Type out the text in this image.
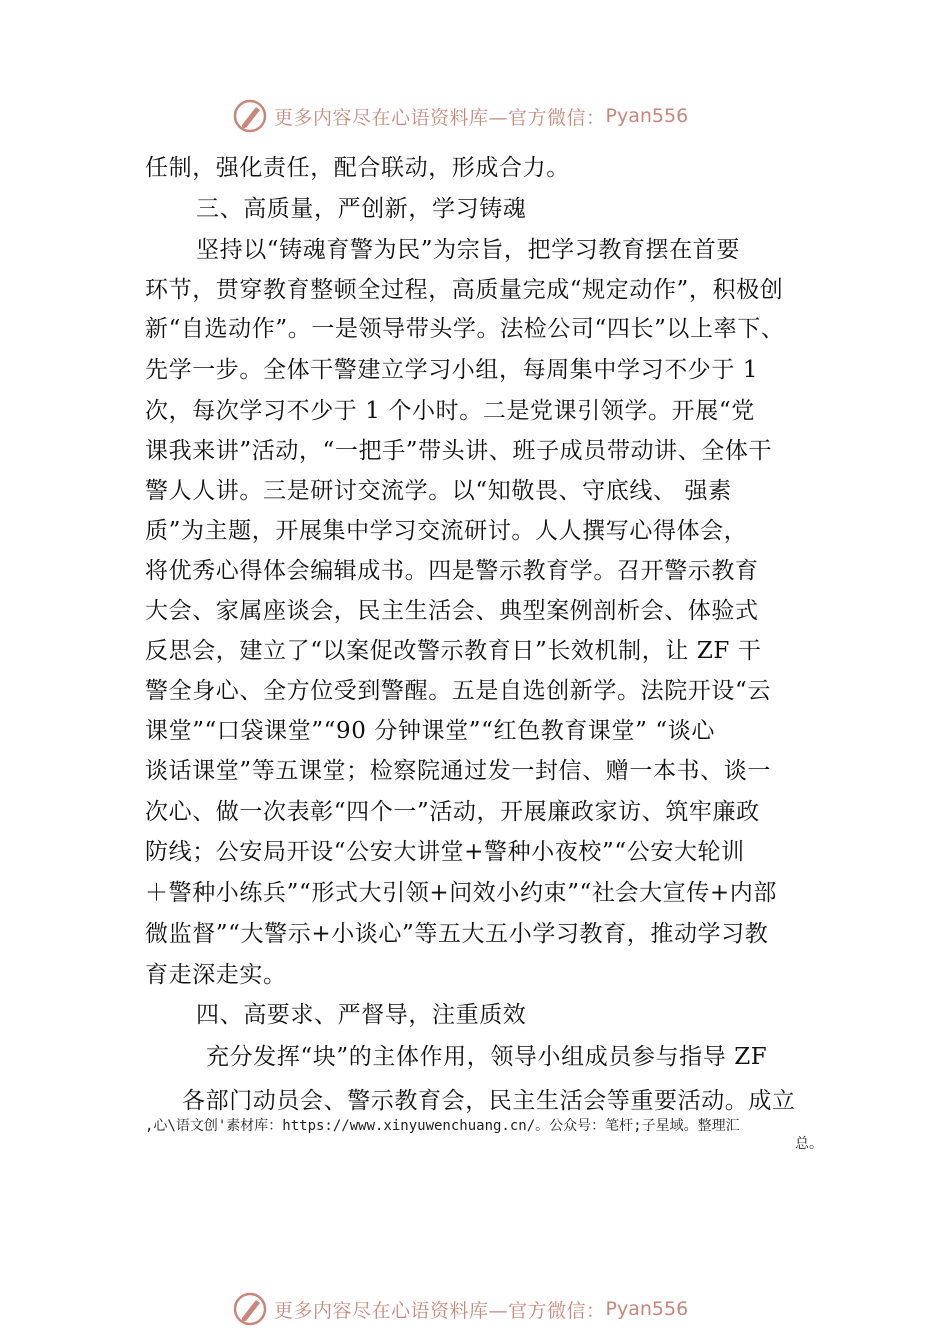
更多内容尽在心语资料库—官方微信： Pyan556
任制，强化责任，配合联动，形成合力。
三、高质量，严创新，学习铸魂
坚持以“铸魂育警为民”为宗旨，把学习教育摆在首要
环节，贯穿教育整顿全过程，高质量完成“规定动作”，积极创
新“自选动作”。一是领导带头学。法检公司“四长”以上率下、
先学一步。全体干警建立学习小组，每周集中学习不少于 1
次，每次学习不少于 1 个小时。二是党课引领学。开展“党
课我来讲”活动，“一把手”带头讲、班子成员带动讲、全体干
警人人讲。三是研讨交流学。以“知敬畏、守底线、 强素
质”为主题，开展集中学习交流研讨。人人撰写心得体会，
将优秀心得体会编辑成书。四是警示教育学。召开警示教育
大会、家属座谈会，民主生活会、典型案例剖析会、体验式
反思会，建立了“以案促改警示教育日”长效机制，让 ZF 干
警全身心、全方位受到警醒。五是自选创新学。法院开设“云
课堂”“口袋课堂”“90 分钟课堂”“红色教育课堂” “谈心
谈话课堂”等五课堂；检察院通过发一封信、赠一本书、谈一
次心、做一次表彰“四个一”活动，开展廉政家访、筑牢廉政
防线；公安局开设“公安大讲堂+警种小夜校”“公安大轮训
＋警种小练兵”“形式大引领+问效小约束”“社会大宣传+内部
微监督”“大警示+小谈心”等五大五小学习教育，推动学习教
育走深走实。
四、高要求、严督导，注重质效
充分发挥“块”的主体作用，领导小组成员参与指导 ZF
各部门动员会、警示教育会，民主生活会等重要活动。成立
,心\语文创'素材库：https://www.xinyuwenchuang.cn/。公众号：笔杆;子星域。整理汇
总。
更多内容尽在心语资料库—官方微信： Pyan556
